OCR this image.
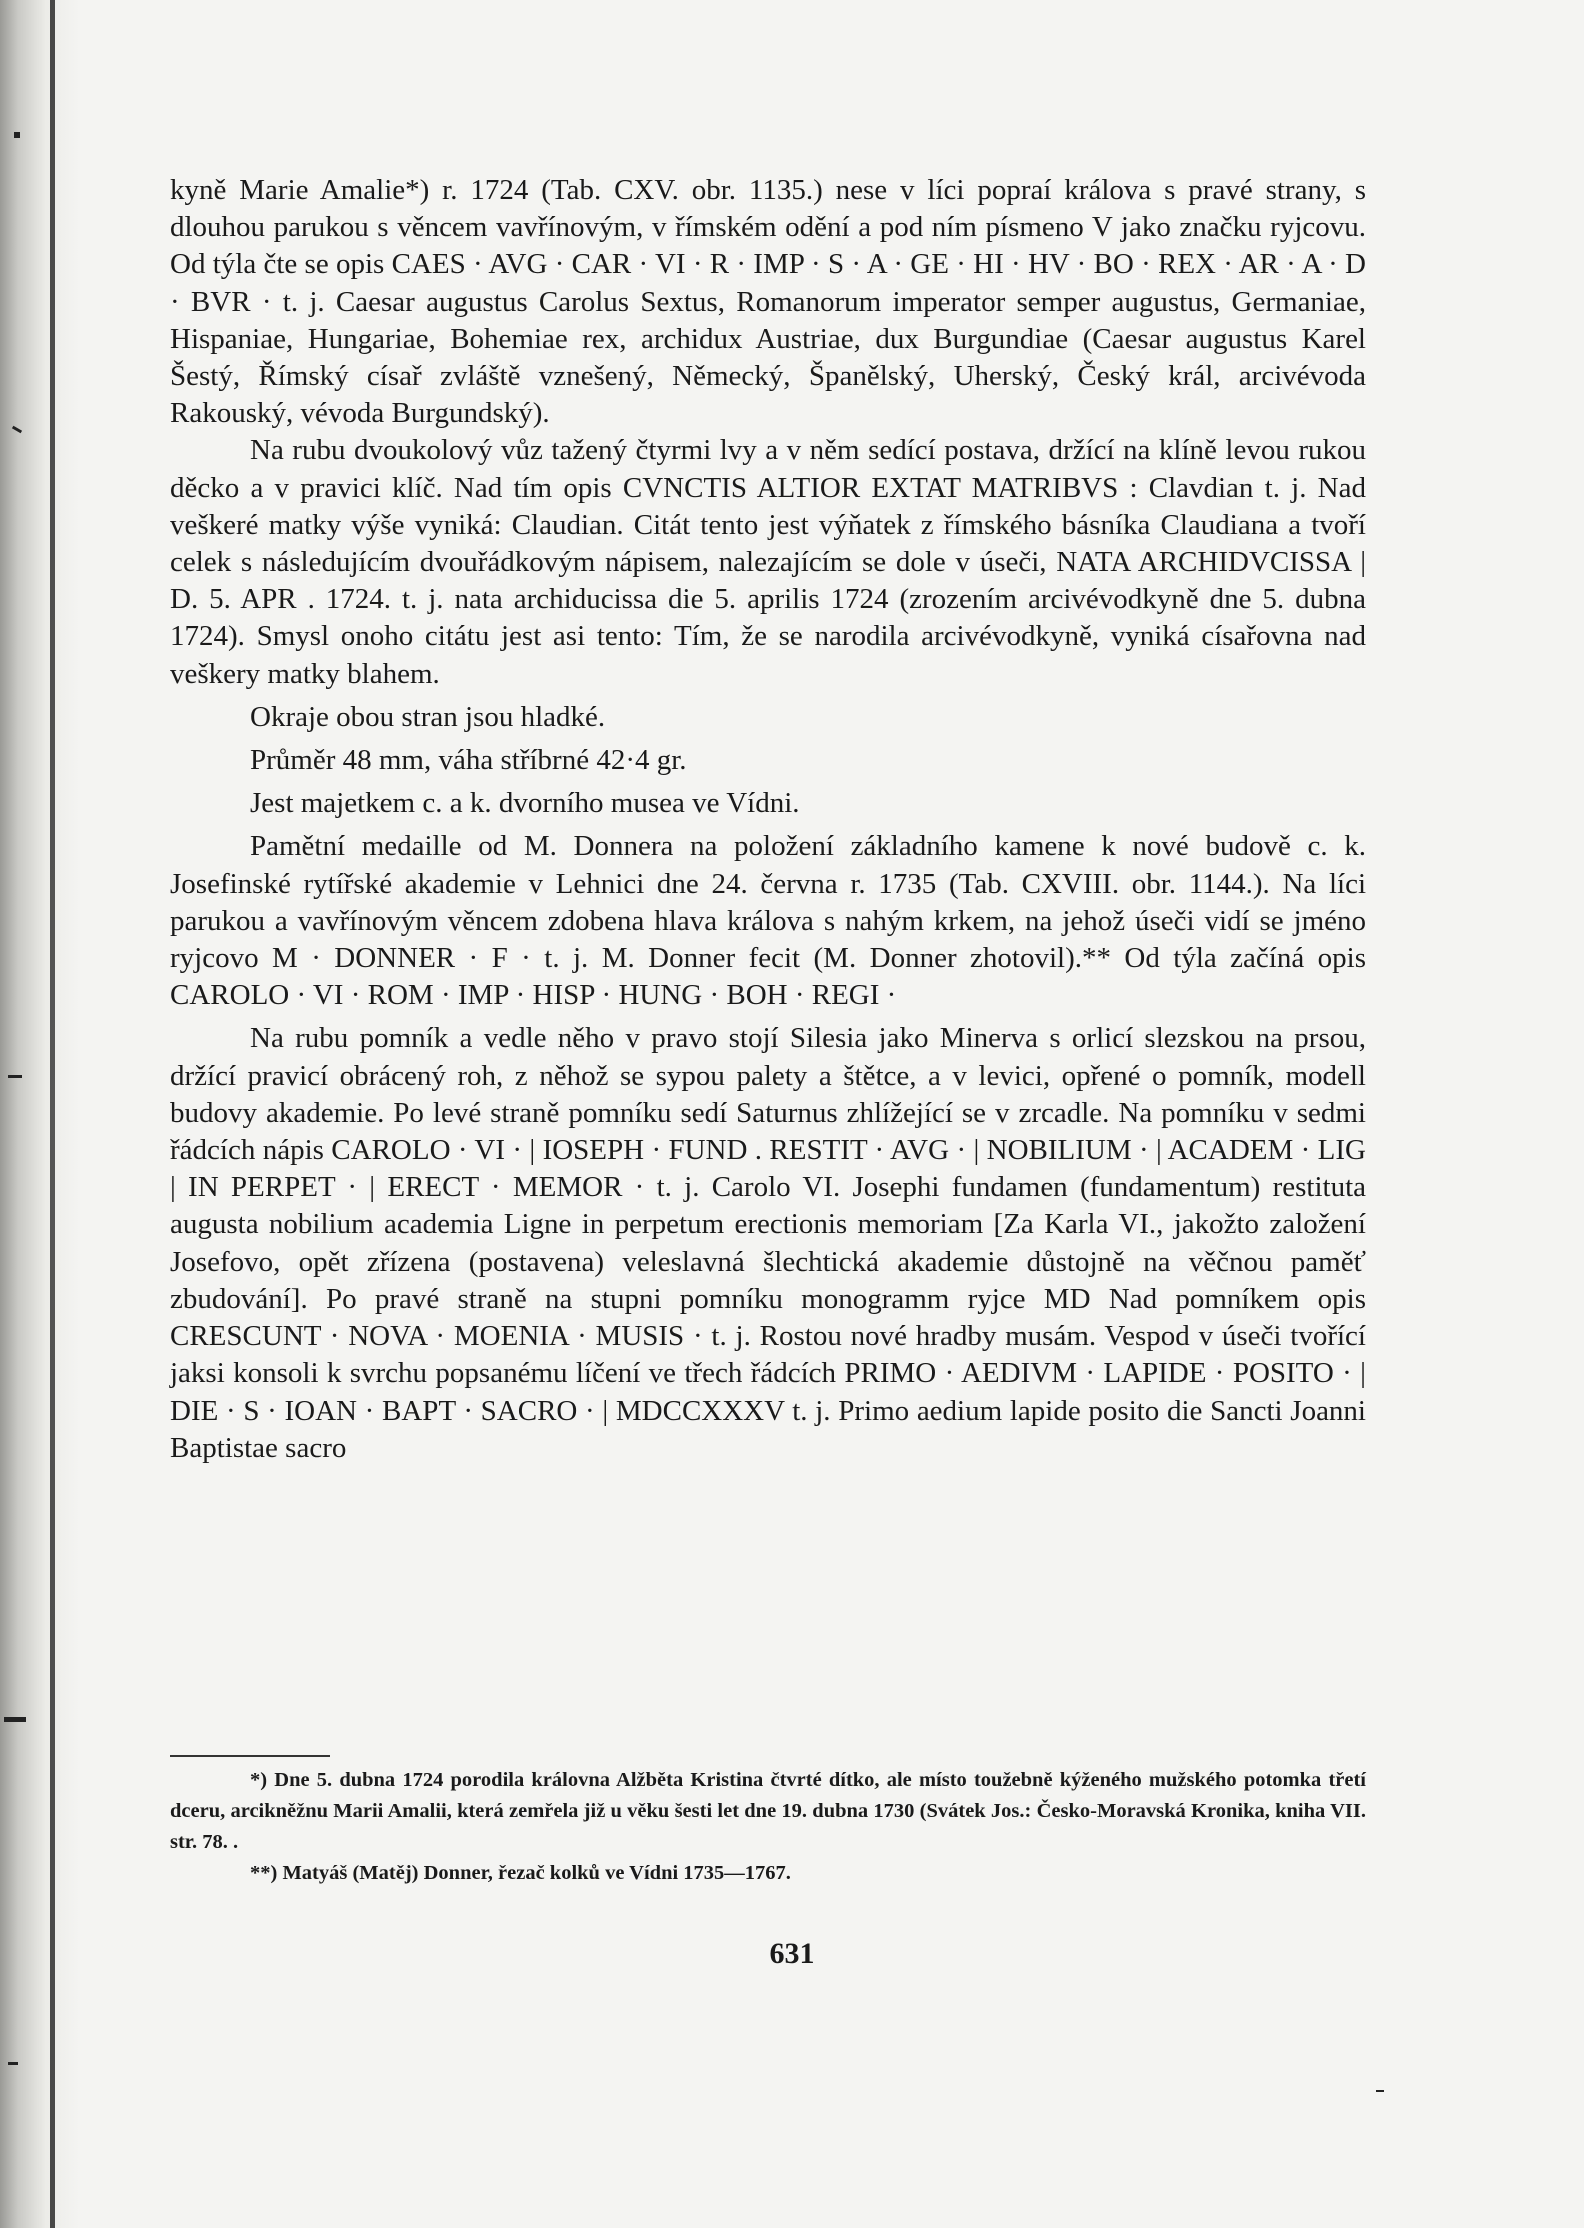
kyně Marie Amalie*) r. 1724 (Tab. CXV. obr. 1135.) nese v líci popraí králova s pravé strany, s dlouhou parukou s věncem vavřínovým, v římském odění a pod ním písmeno V jako značku ryjcovu. Od týla čte se opis CAES · AVG · CAR · VI · R · IMP · S · A · GE · HI · HV · BO · REX · AR · A · D · BVR · t. j. Caesar augustus Carolus Sextus, Romanorum imperator semper augustus, Germaniae, Hispaniae, Hungariae, Bohemiae rex, archidux Austriae, dux Burgundiae (Caesar augustus Karel Šestý, Římský císař zvláště vznešený, Německý, Španělský, Uherský, Český král, arcivévoda Rakouský, vévoda Burgundský).

Na rubu dvoukolový vůz tažený čtyrmi lvy a v něm sedící postava, držící na klíně levou rukou děcko a v pravici klíč. Nad tím opis CVNCTIS ALTIOR EXTAT MATRIBVS : Clavdian t. j. Nad veškeré matky výše vyniká: Claudian. Citát tento jest výňatek z římského básníka Claudiana a tvoří celek s následujícím dvouřádkovým nápisem, nalezajícím se dole v úseči, NATA ARCHIDVCISSA | D. 5. APR . 1724. t. j. nata archiducissa die 5. aprilis 1724 (zrozením arcivévodkyně dne 5. dubna 1724). Smysl onoho citátu jest asi tento: Tím, že se narodila arcivévodkyně, vyniká císařovna nad veškery matky blahem.

Okraje obou stran jsou hladké.

Průměr 48 mm, váha stříbrné 42·4 gr.

Jest majetkem c. a k. dvorního musea ve Vídni.

Pamětní medaille od M. Donnera na položení základního kamene k nové budově c. k. Josefinské rytířské akademie v Lehnici dne 24. června r. 1735 (Tab. CXVIII. obr. 1144.). Na líci parukou a vavřínovým věncem zdobena hlava králova s nahým krkem, na jehož úseči vidí se jméno ryjcovo M · DONNER · F · t. j. M. Donner fecit (M. Donner zhotovil).** Od týla začíná opis CAROLO · VI · ROM · IMP · HISP · HUNG · BOH · REGI ·

Na rubu pomník a vedle něho v pravo stojí Silesia jako Minerva s orlicí slezskou na prsou, držící pravicí obrácený roh, z něhož se sypou palety a štětce, a v levici, opřené o pomník, modell budovy akademie. Po levé straně pomníku sedí Saturnus zhlížející se v zrcadle. Na pomníku v sedmi řádcích nápis CAROLO · VI · | IOSEPH · FUND . RESTIT · AVG · | NOBILIUM · | ACADEM · LIG | IN PERPET · | ERECT · MEMOR · t. j. Carolo VI. Josephi fundamen (fundamentum) restituta augusta nobilium academia Ligne in perpetum erectionis memoriam [Za Karla VI., jakožto založení Josefovo, opět zřízena (postavena) veleslavná šlechtická akademie důstojně na věčnou paměť zbudování]. Po pravé straně na stupni pomníku monogramm ryjce MD Nad pomníkem opis CRESCUNT · NOVA · MOENIA · MUSIS · t. j. Rostou nové hradby musám. Vespod v úseči tvořící jaksi konsoli k svrchu popsanému líčení ve třech řádcích PRIMO · AEDIVM · LAPIDE · POSITO · | DIE · S · IOAN · BAPT · SACRO · | MDCCXXXV t. j. Primo aedium lapide posito die Sancti Joanni Baptistae sacro

*) Dne 5. dubna 1724 porodila královna Alžběta Kristina čtvrté dítko, ale místo toužebně kýženého mužského potomka třetí dceru, arcikněžnu Marii Amalii, která zemřela již u věku šesti let dne 19. dubna 1730 (Svátek Jos.: Česko-Moravská Kronika, kniha VII. str. 78. .

**) Matyáš (Matěj) Donner, řezač kolků ve Vídni 1735—1767.

631
